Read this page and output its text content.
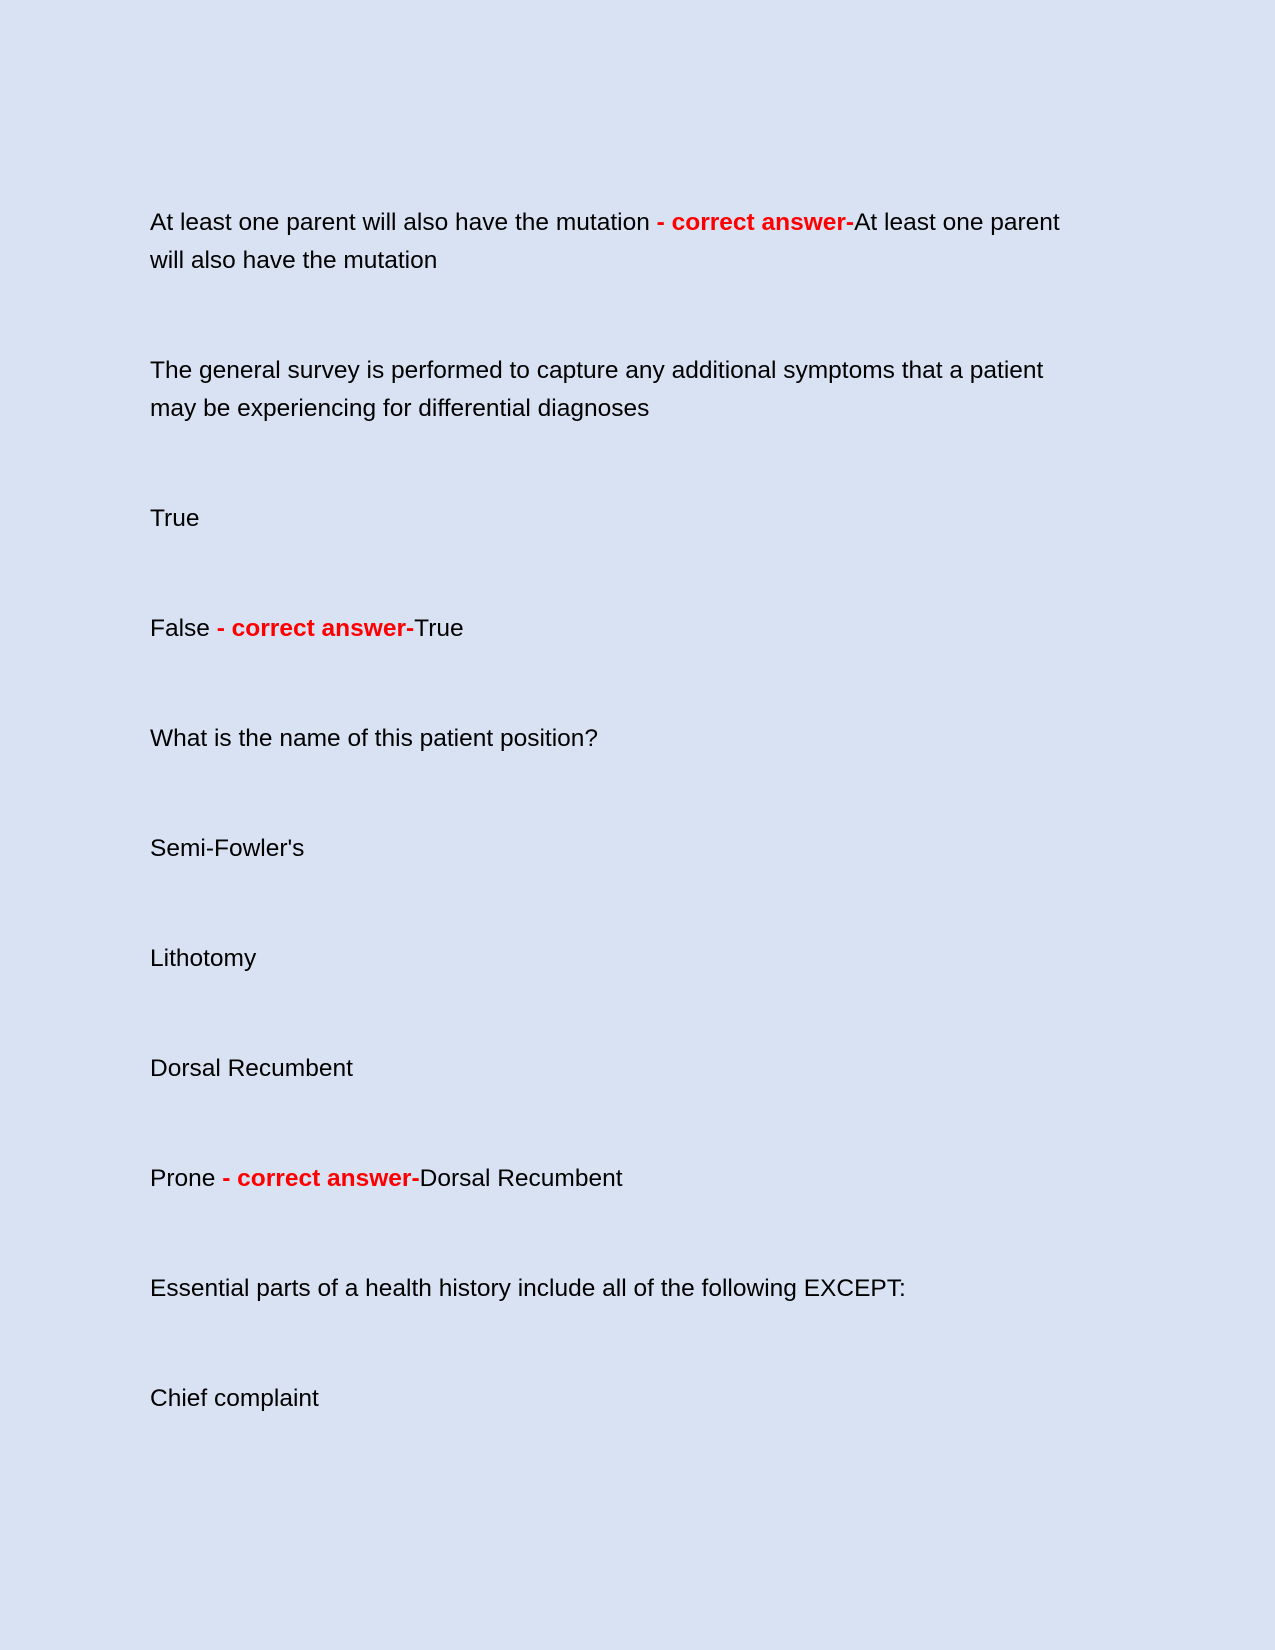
At least one parent will also have the mutation - correct answer-At least one parent will also have the mutation

The general survey is performed to capture any additional symptoms that a patient may be experiencing for differential diagnoses

True

False - correct answer-True

What is the name of this patient position?

Semi-Fowler's

Lithotomy

Dorsal Recumbent

Prone - correct answer-Dorsal Recumbent

Essential parts of a health history include all of the following EXCEPT:

Chief complaint
